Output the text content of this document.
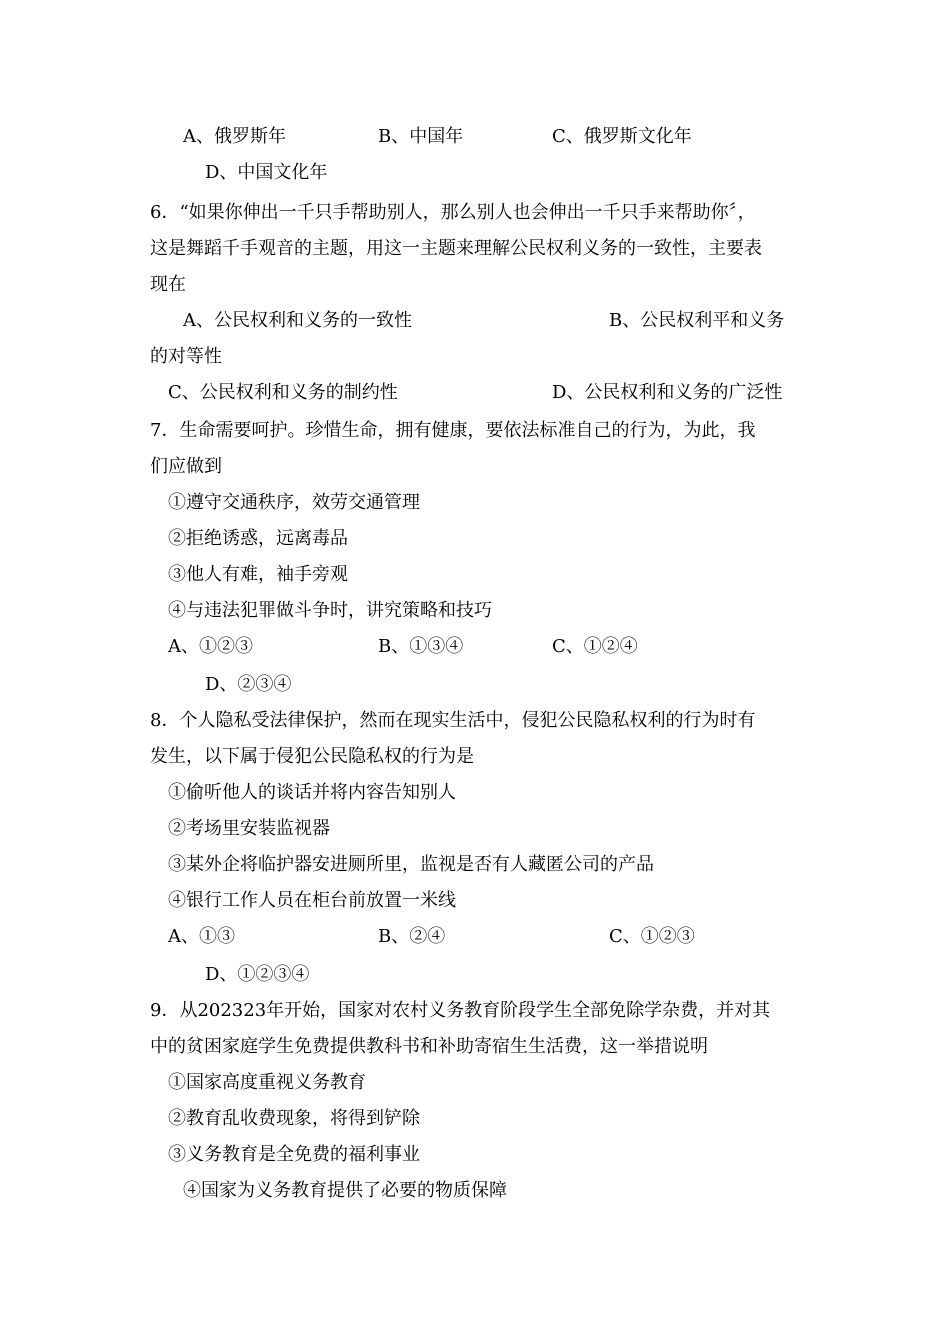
A、俄罗斯年	B、中国年	C、俄罗斯文化年
D、中国文化年
6．“如果你伸出一千只手帮助别人，那么别人也会伸出一千只手来帮助你〞，
这是舞蹈千手观音的主题，用这一主题来理解公民权利义务的一致性，主要表
现在
A、公民权利和义务的一致性	B、公民权利平和义务
的对等性
C、公民权利和义务的制约性	D、公民权利和义务的广泛性
7．生命需要呵护。珍惜生命，拥有健康，要依法标准自己的行为，为此，我
们应做到
①遵守交通秩序，效劳交通管理
②拒绝诱惑，远离毒品
③他人有难，袖手旁观
④与违法犯罪做斗争时，讲究策略和技巧
A、①②③	B、①③④	C、①②④
D、②③④
8．个人隐私受法律保护，然而在现实生活中，侵犯公民隐私权利的行为时有
发生，以下属于侵犯公民隐私权的行为是
①偷听他人的谈话并将内容告知别人
②考场里安装监视器
③某外企将临护器安进厕所里，监视是否有人藏匿公司的产品
④银行工作人员在柜台前放置一米线
A、①③	B、②④	C、①②③
D、①②③④
9．从202323年开始，国家对农村义务教育阶段学生全部免除学杂费，并对其
中的贫困家庭学生免费提供教科书和补助寄宿生生活费，这一举措说明
①国家高度重视义务教育
②教育乱收费现象，将得到铲除
③义务教育是全免费的福利事业
④国家为义务教育提供了必要的物质保障
